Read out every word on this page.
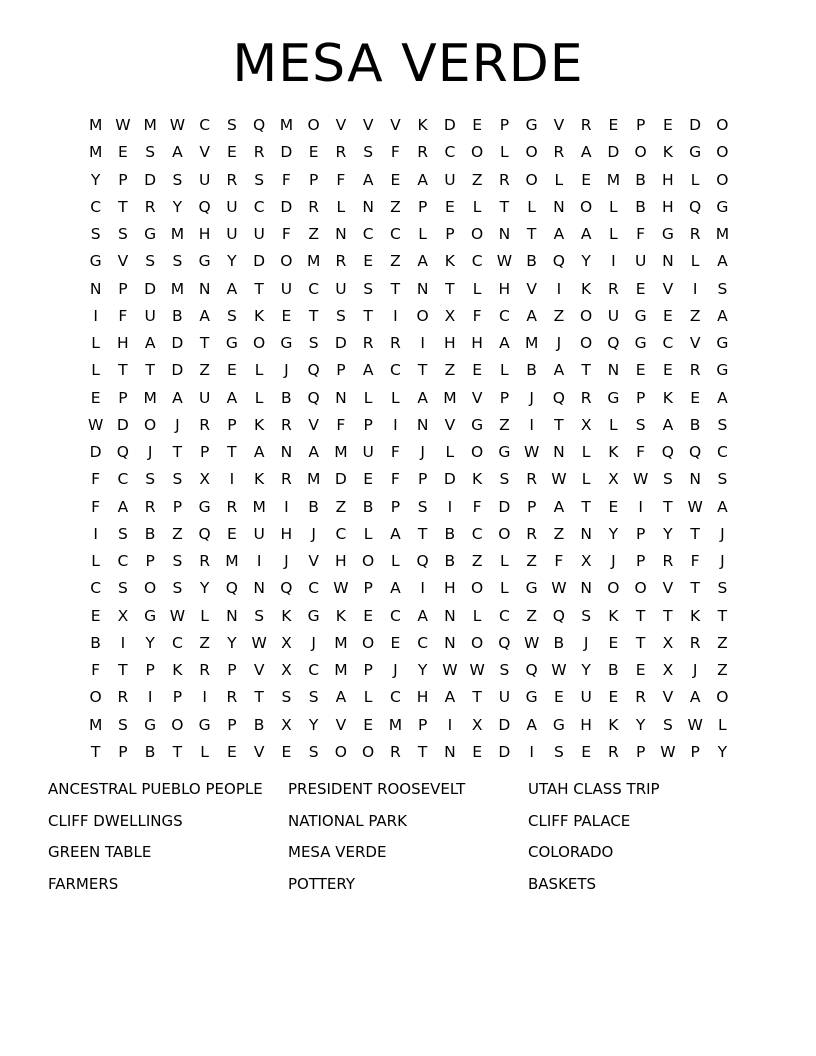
MESA VERDE
M W M W C	S	Q M O	V	V	V	K	D	E	P	G	V	R	E	P	E	D O
M	E	S	A	V	E	R	D	E	R	S	F	R	C	O	L	O	R	A	D O	K	G O
Y	P	D	S	U	R	S	F	P	F	A	E	A	U	Z	R	O	L	E	M B	H	L	O
C	T	R	Y	Q U	C	D	R	L	N	Z	P	E	L	T	L	N O	L	B	H Q G
S	S	G M H	U	U	F	Z	N	C	C	L	P	O N	T	A	A	L	F	G	R M
G	V	S	S	G	Y	D O M R	E	Z	A	K	C W B	Q	Y	I	U	N	L	A
N	P	D M N	A	T	U	C	U	S	T	N	T	L	H	V	I	K	R	E	V	I	S
I	F	U	B	A	S	K	E	T	S	T	I	O	X	F	C	A	Z	O U	G	E	Z	A
L	H	A	D	T	G O G	S	D	R	R	I	H	H	A M	J	O Q G	C	V	G
L	T	T	D	Z	E	L	J	Q	P	A	C	T	Z	E	L	B	A	T	N	E	E	R	G
E	P	M A	U	A	L	B	Q N	L	L	A M V	P	J	Q	R	G	P	K	E	A
W D O	J	R	P	K	R	V	F	P	I	N	V	G	Z	I	T	X	L	S	A	B	S
D Q	J	T	P	T	A	N	A M U	F	J	L	O G W N	L	K	F	Q Q	C
F	C	S	S	X	I	K	R M D	E	F	P	D	K	S	R W L	X W S	N	S
F	A	R	P	G	R M	I	B	Z	B	P	S	I	F	D	P	A	T	E	I	T W A
I	S	B	Z	Q	E	U	H	J	C	L	A	T	B	C	O	R	Z	N	Y	P	Y	T	J
L	C	P	S	R M	I	J	V	H O	L	Q	B	Z	L	Z	F	X	J	P	R	F	J
C	S	O	S	Y	Q N Q	C W P	A	I	H O	L	G W N O O	V	T	S
E	X	G W L	N	S	K	G	K	E	C	A	N	L	C	Z	Q	S	K	T	T	K	T
B	I	Y	C	Z	Y W X	J	M O	E	C	N O Q W B	J	E	T	X	R	Z
F	T	P	K	R	P	V	X	C M	P	J	Y W W S	Q W Y	B	E	X	J	Z
O	R	I	P	I	R	T	S	S	A	L	C	H	A	T	U	G	E	U	E	R	V	A	O
M	S	G O G	P	B	X	Y	V	E	M	P	I	X	D	A	G H	K	Y	S W L
T	P	B	T	L	E	V	E	S	O O	R	T	N	E	D	I	S	E	R	P W P	Y
ANCESTRAL PUEBLO PEOPLE	PRESIDENT ROOSEVELT	UTAH CLASS TRIP
CLIFF DWELLINGS	NATIONAL PARK	CLIFF PALACE
GREEN TABLE	MESA VERDE	COLORADO
FARMERS	POTTERY	BASKETS
